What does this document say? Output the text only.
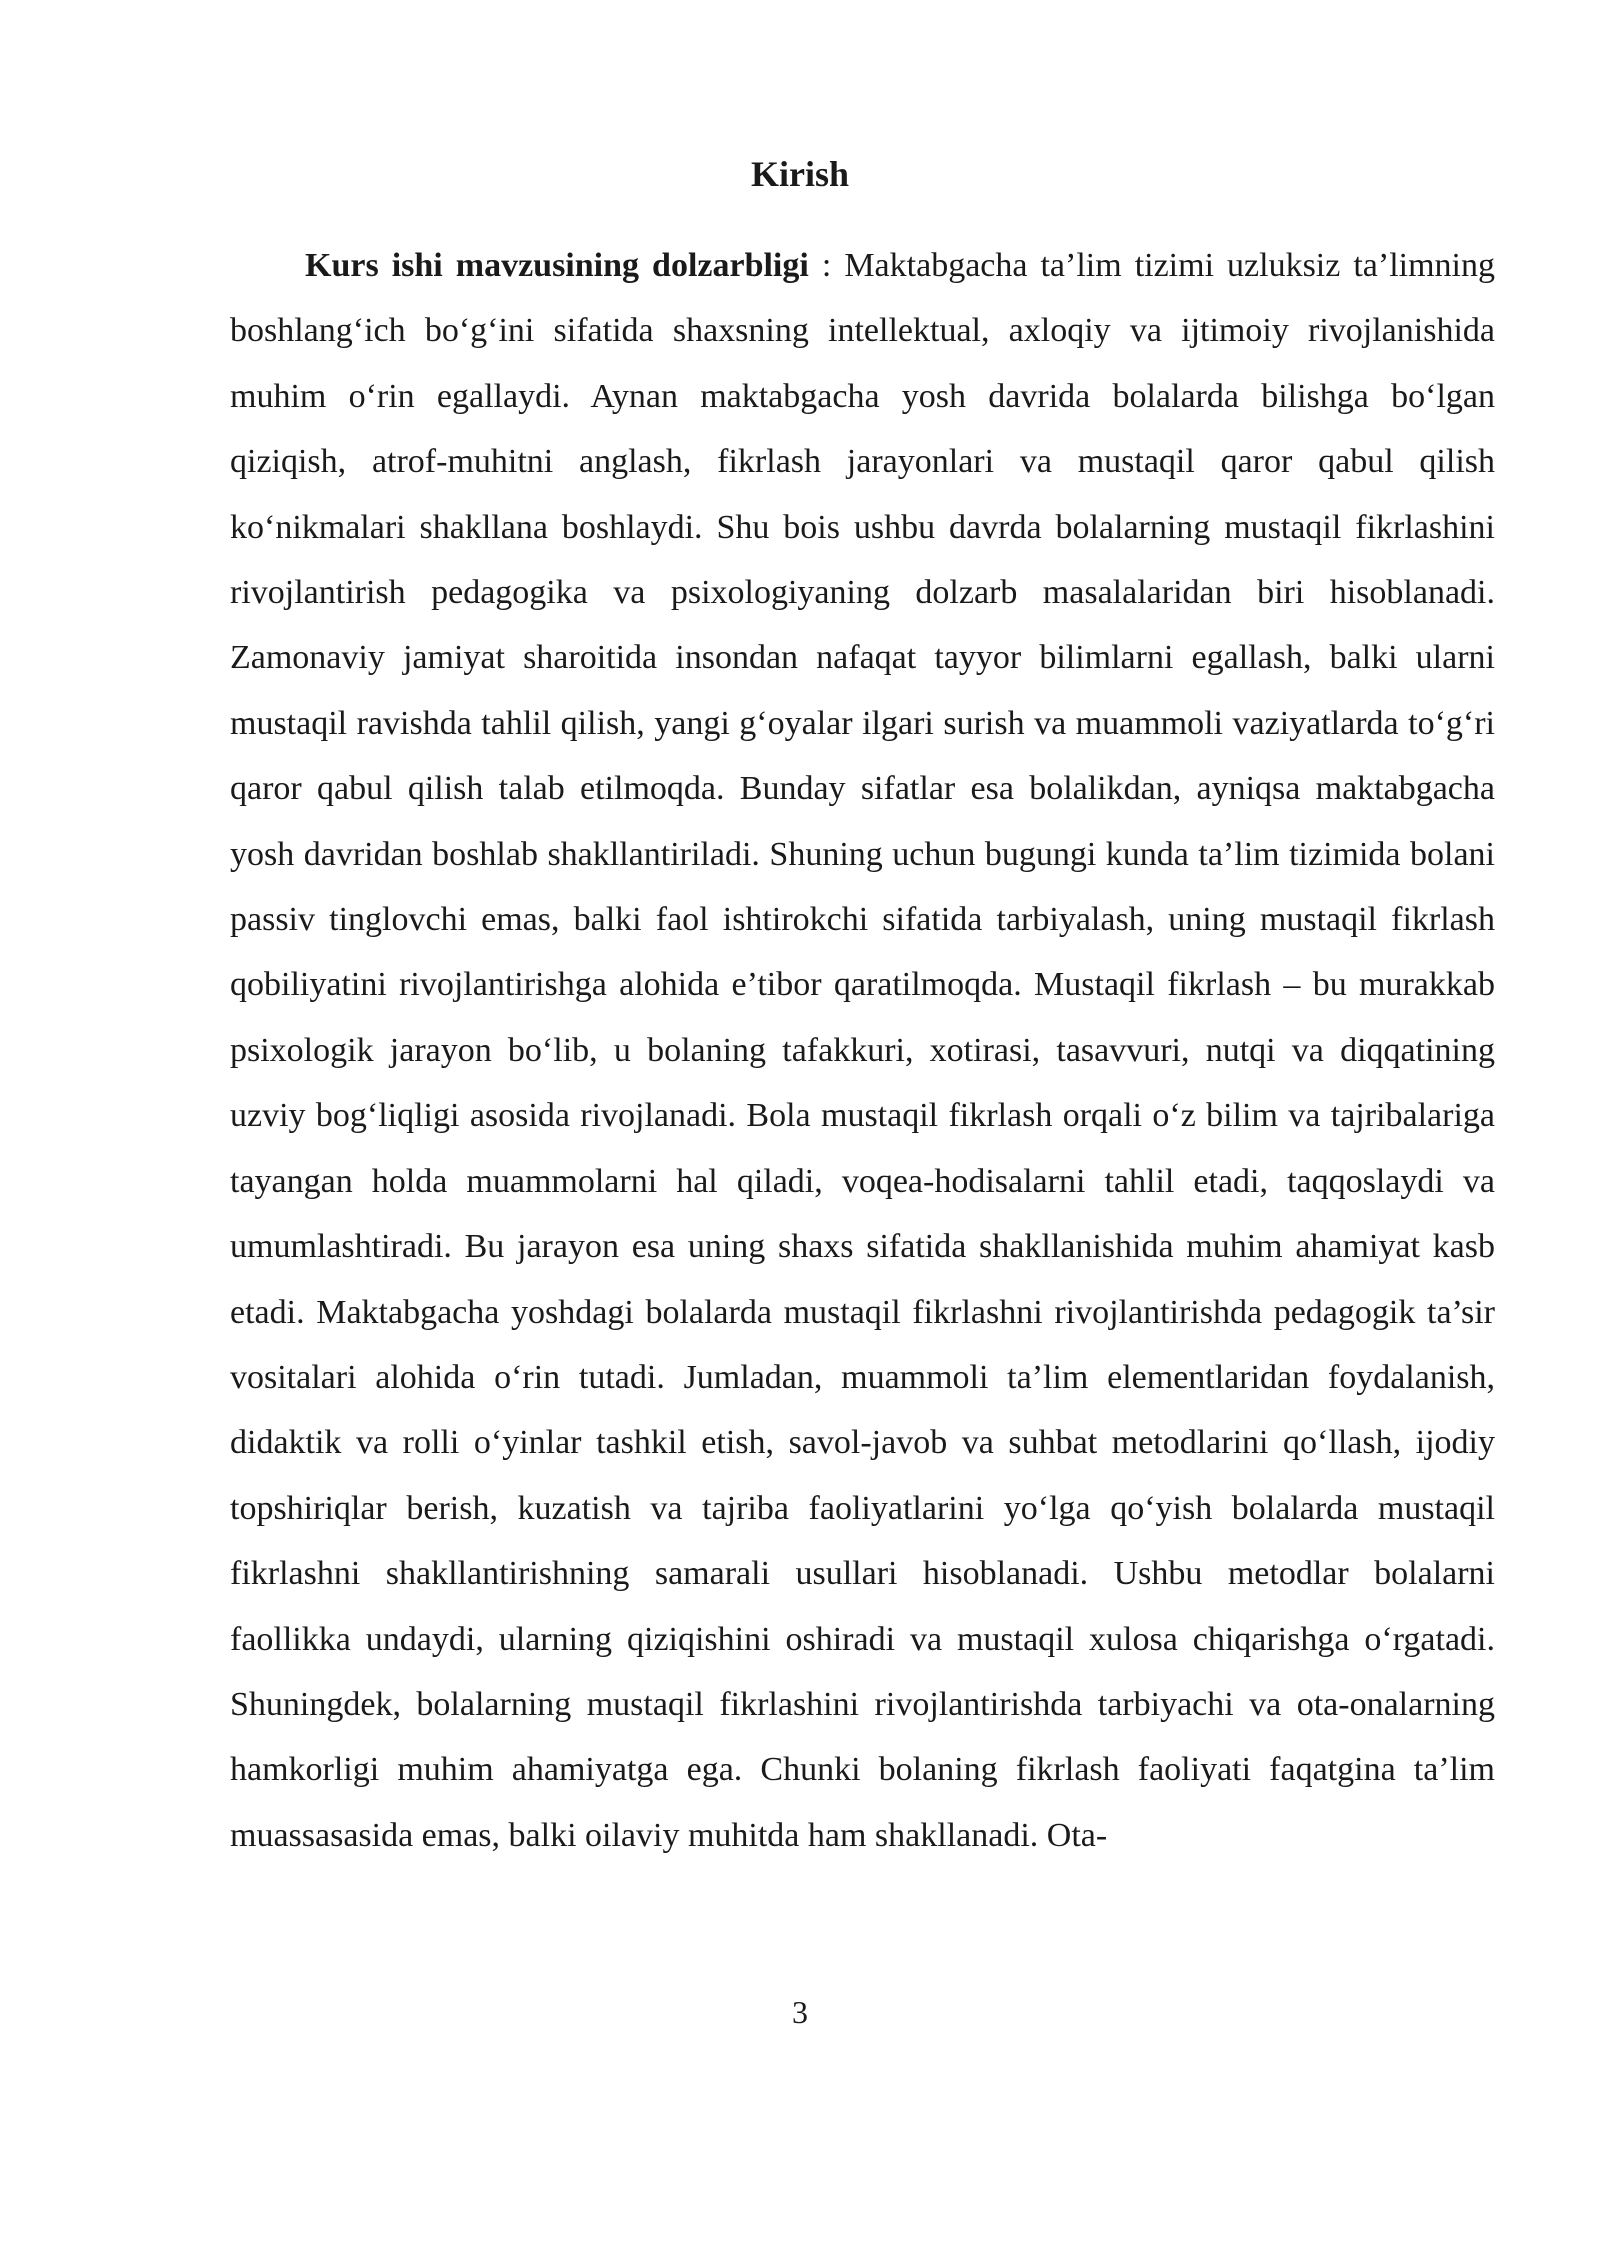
Kirish

Kurs ishi mavzusining dolzarbligi : Maktabgacha ta’lim tizimi uzluksiz ta’limning boshlang‘ich bo‘g‘ini sifatida shaxsning intellektual, axloqiy va ijtimoiy rivojlanishida muhim o‘rin egallaydi. Aynan maktabgacha yosh davrida bolalarda bilishga bo‘lgan qiziqish, atrof-muhitni anglash, fikrlash jarayonlari va mustaqil qaror qabul qilish ko‘nikmalari shakllana boshlaydi. Shu bois ushbu davrda bolalarning mustaqil fikrlashini rivojlantirish pedagogika va psixologiyaning dolzarb masalalaridan biri hisoblanadi. Zamonaviy jamiyat sharoitida insondan nafaqat tayyor bilimlarni egallash, balki ularni mustaqil ravishda tahlil qilish, yangi g‘oyalar ilgari surish va muammoli vaziyatlarda to‘g‘ri qaror qabul qilish talab etilmoqda. Bunday sifatlar esa bolalikdan, ayniqsa maktabgacha yosh davridan boshlab shakllantiriladi. Shuning uchun bugungi kunda ta’lim tizimida bolani passiv tinglovchi emas, balki faol ishtirokchi sifatida tarbiyalash, uning mustaqil fikrlash qobiliyatini rivojlantirishga alohida e’tibor qaratilmoqda. Mustaqil fikrlash – bu murakkab psixologik jarayon bo‘lib, u bolaning tafakkuri, xotirasi, tasavvuri, nutqi va diqqatining uzviy bog‘liqligi asosida rivojlanadi. Bola mustaqil fikrlash orqali o‘z bilim va tajribalariga tayangan holda muammolarni hal qiladi, voqea-hodisalarni tahlil etadi, taqqoslaydi va umumlashtiradi. Bu jarayon esa uning shaxs sifatida shakllanishida muhim ahamiyat kasb etadi. Maktabgacha yoshdagi bolalarda mustaqil fikrlashni rivojlantirishda pedagogik ta’sir vositalari alohida o‘rin tutadi. Jumladan, muammoli ta’lim elementlaridan foydalanish, didaktik va rolli o‘yinlar tashkil etish, savol-javob va suhbat metodlarini qo‘llash, ijodiy topshiriqlar berish, kuzatish va tajriba faoliyatlarini yo‘lga qo‘yish bolalarda mustaqil fikrlashni shakllantirishning samarali usullari hisoblanadi. Ushbu metodlar bolalarni faollikka undaydi, ularning qiziqishini oshiradi va mustaqil xulosa chiqarishga o‘rgatadi. Shuningdek, bolalarning mustaqil fikrlashini rivojlantirishda tarbiyachi va ota-onalarning hamkorligi muhim ahamiyatga ega. Chunki bolaning fikrlash faoliyati faqatgina ta’lim muassasasida emas, balki oilaviy muhitda ham shakllanadi. Ota-

3
